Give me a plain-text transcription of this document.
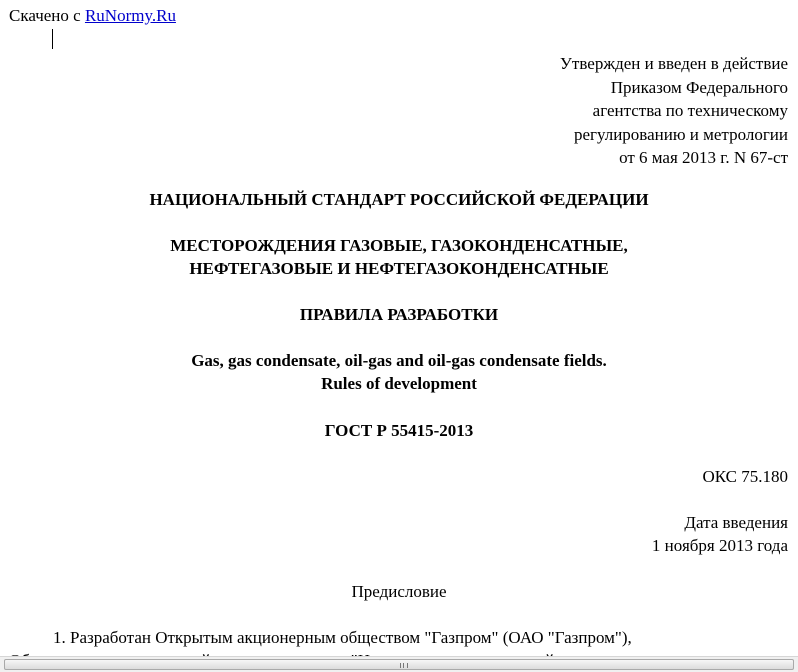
Скачено с RuNormy.Ru
Утвержден и введен в действие
Приказом Федерального
агентства по техническому
регулированию и метрологии
от 6 мая 2013 г. N 67-ст
НАЦИОНАЛЬНЫЙ СТАНДАРТ РОССИЙСКОЙ ФЕДЕРАЦИИ
МЕСТОРОЖДЕНИЯ ГАЗОВЫЕ, ГАЗОКОНДЕНСАТНЫЕ,
НЕФТЕГАЗОВЫЕ И НЕФТЕГАЗОКОНДЕНСАТНЫЕ
ПРАВИЛА РАЗРАБОТКИ
Gas, gas condensate, oil-gas and oil-gas condensate fields.
Rules of development
ГОСТ Р 55415-2013
ОКС 75.180
Дата введения
1 ноября 2013 года
Предисловие
1. Разработан Открытым акционерным обществом "Газпром" (ОАО "Газпром"),
